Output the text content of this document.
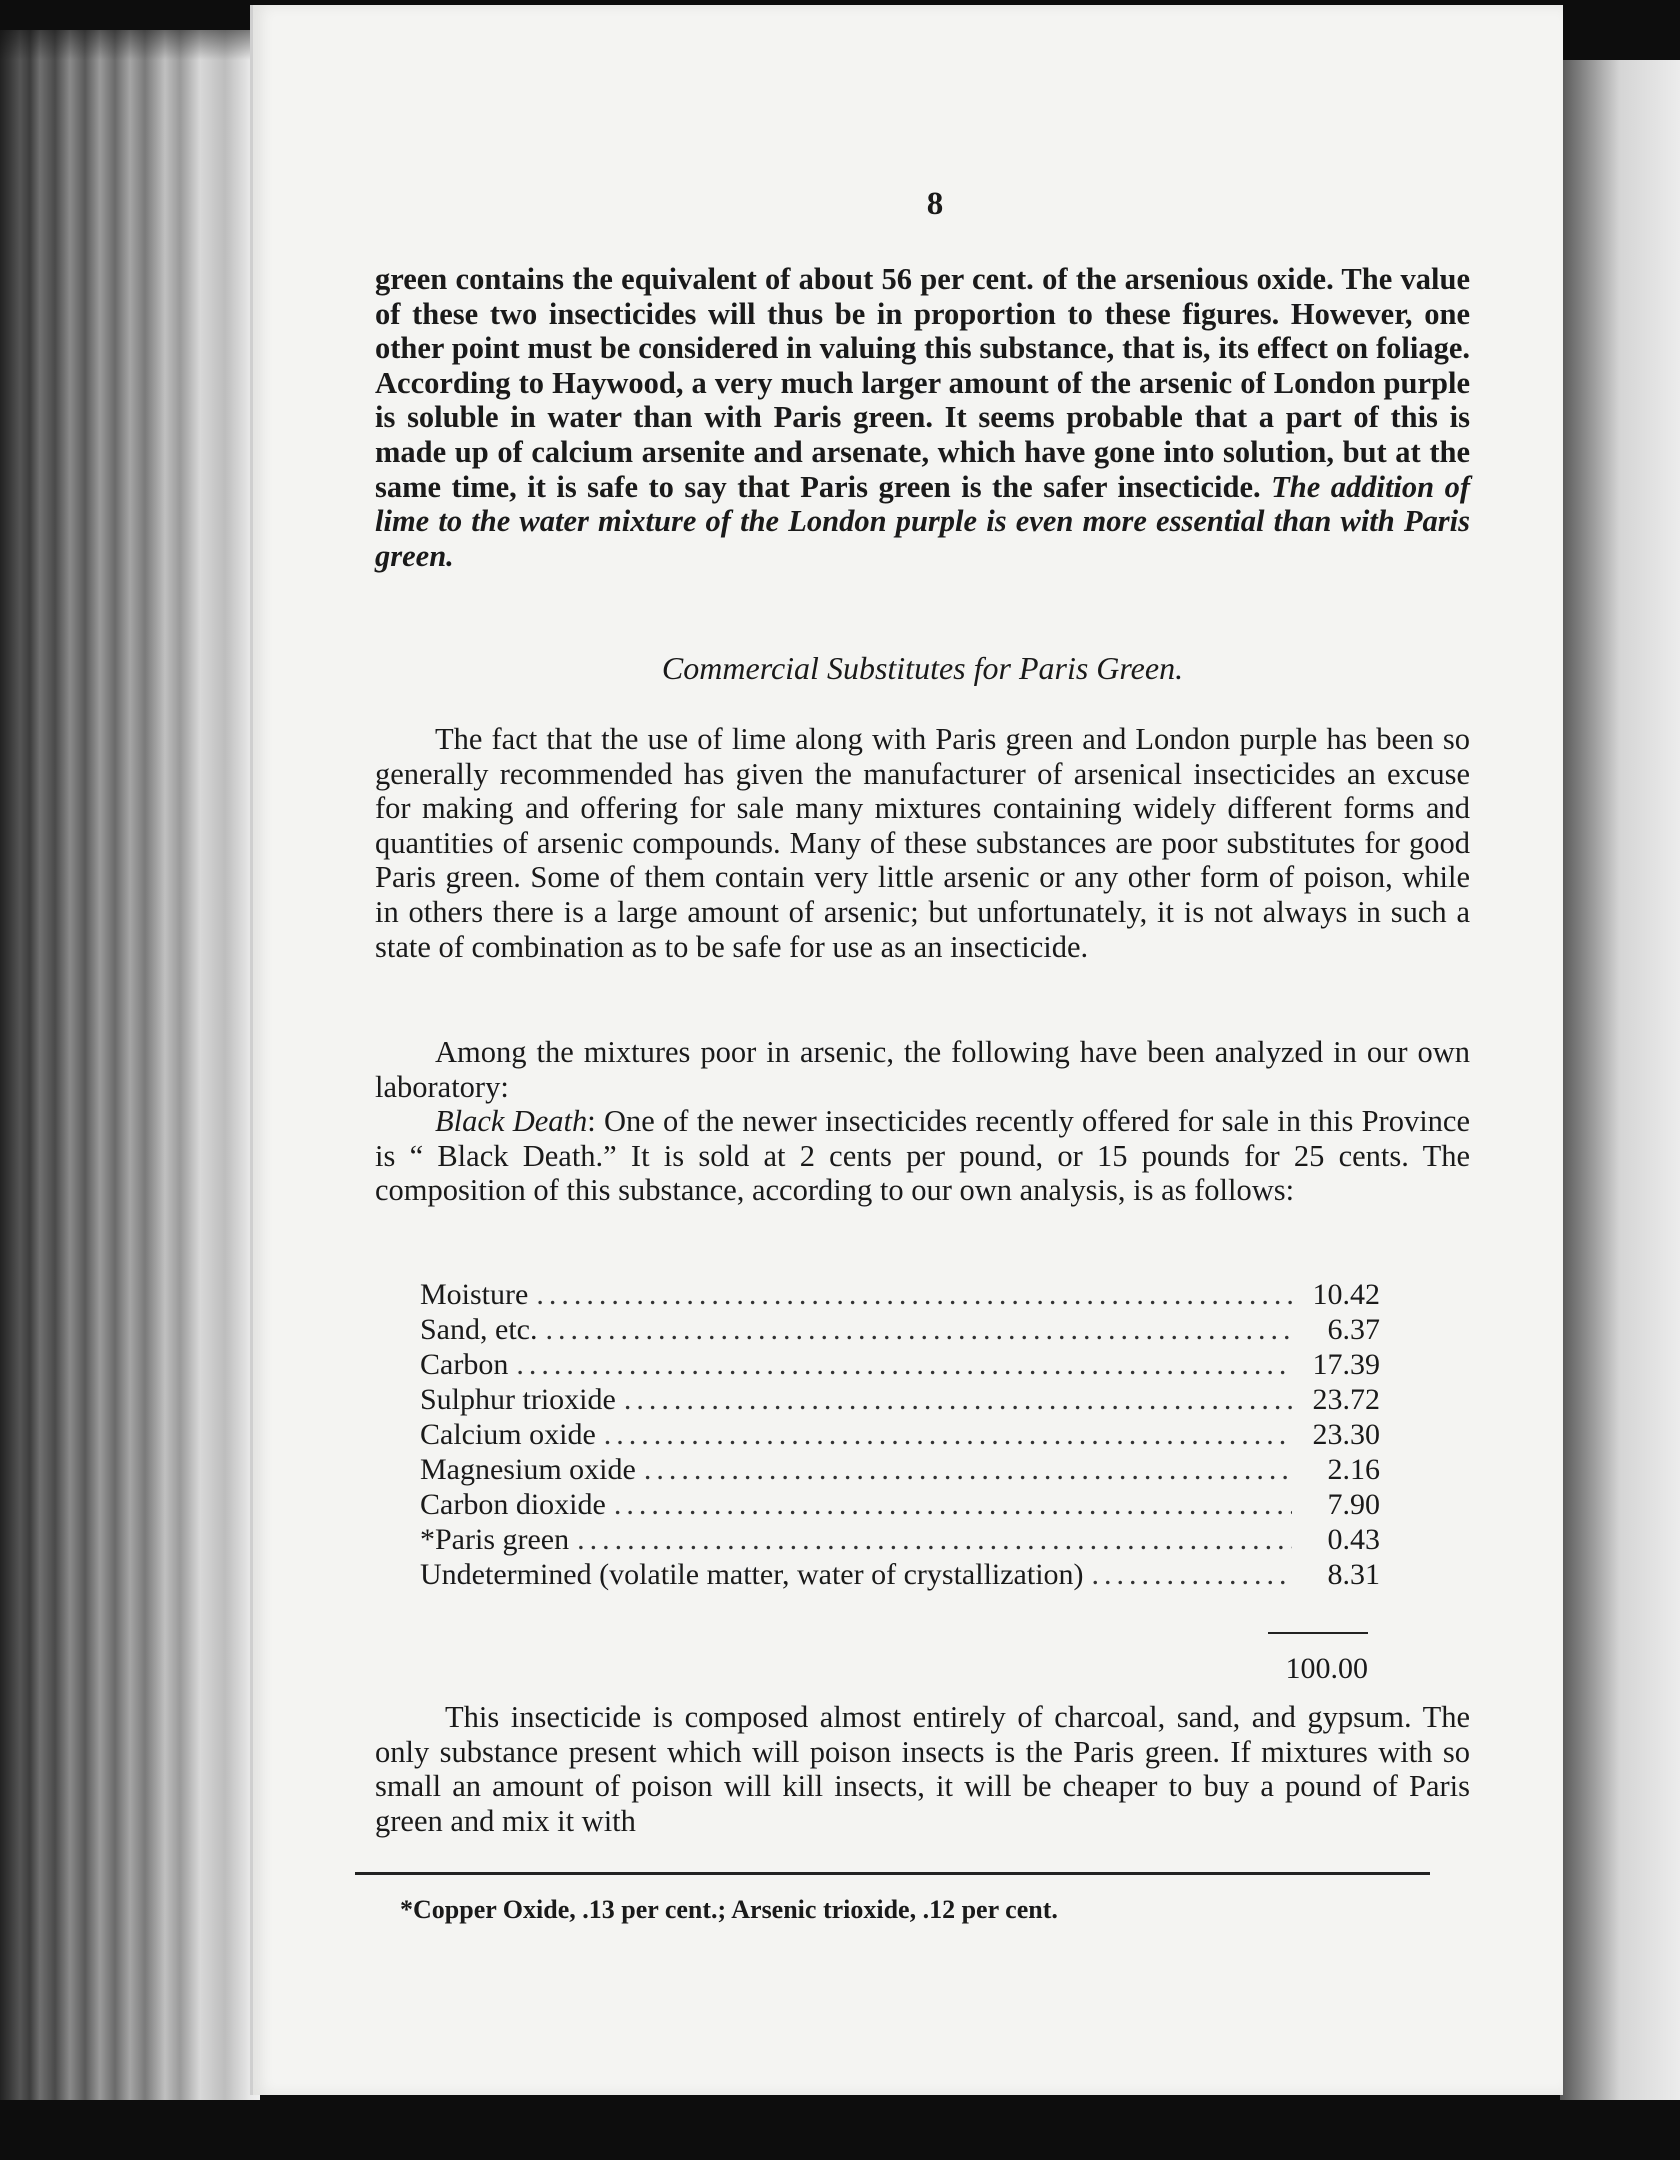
8

green contains the equivalent of about 56 per cent. of the arsenious oxide. The value of these two insecticides will thus be in proportion to these figures. However, one other point must be considered in valuing this substance, that is, its effect on foliage. According to Haywood, a very much larger amount of the arsenic of London purple is soluble in water than with Paris green. It seems probable that a part of this is made up of calcium arsenite and arsenate, which have gone into solution, but at the same time, it is safe to say that Paris green is the safer insecticide. The addition of lime to the water mixture of the London purple is even more essential than with Paris green.

Commercial Substitutes for Paris Green.

The fact that the use of lime along with Paris green and London purple has been so generally recommended has given the manufacturer of arsenical insecticides an excuse for making and offering for sale many mixtures containing widely different forms and quantities of arsenic compounds. Many of these substances are poor substitutes for good Paris green. Some of them contain very little arsenic or any other form of poison, while in others there is a large amount of arsenic; but unfortunately, it is not always in such a state of combination as to be safe for use as an insecticide.

Among the mixtures poor in arsenic, the following have been analyzed in our own laboratory:

Black Death: One of the newer insecticides recently offered for sale in this Province is “ Black Death.” It is sold at 2 cents per pound, or 15 pounds for 25 cents. The composition of this substance, according to our own analysis, is as follows:

Moisture .....	10.42
Sand, etc. .....	6.37
Carbon .....	17.39
Sulphur trioxide .....	23.72
Calcium oxide .....	23.30
Magnesium oxide .....	2.16
Carbon dioxide .....	7.90
*Paris green .....	0.43
Undetermined (volatile matter, water of crystallization) .....	8.31
100.00

This insecticide is composed almost entirely of charcoal, sand, and gypsum. The only substance present which will poison insects is the Paris green. If mixtures with so small an amount of poison will kill insects, it will be cheaper to buy a pound of Paris green and mix it with

*Copper Oxide, .13 per cent.; Arsenic trioxide, .12 per cent.
